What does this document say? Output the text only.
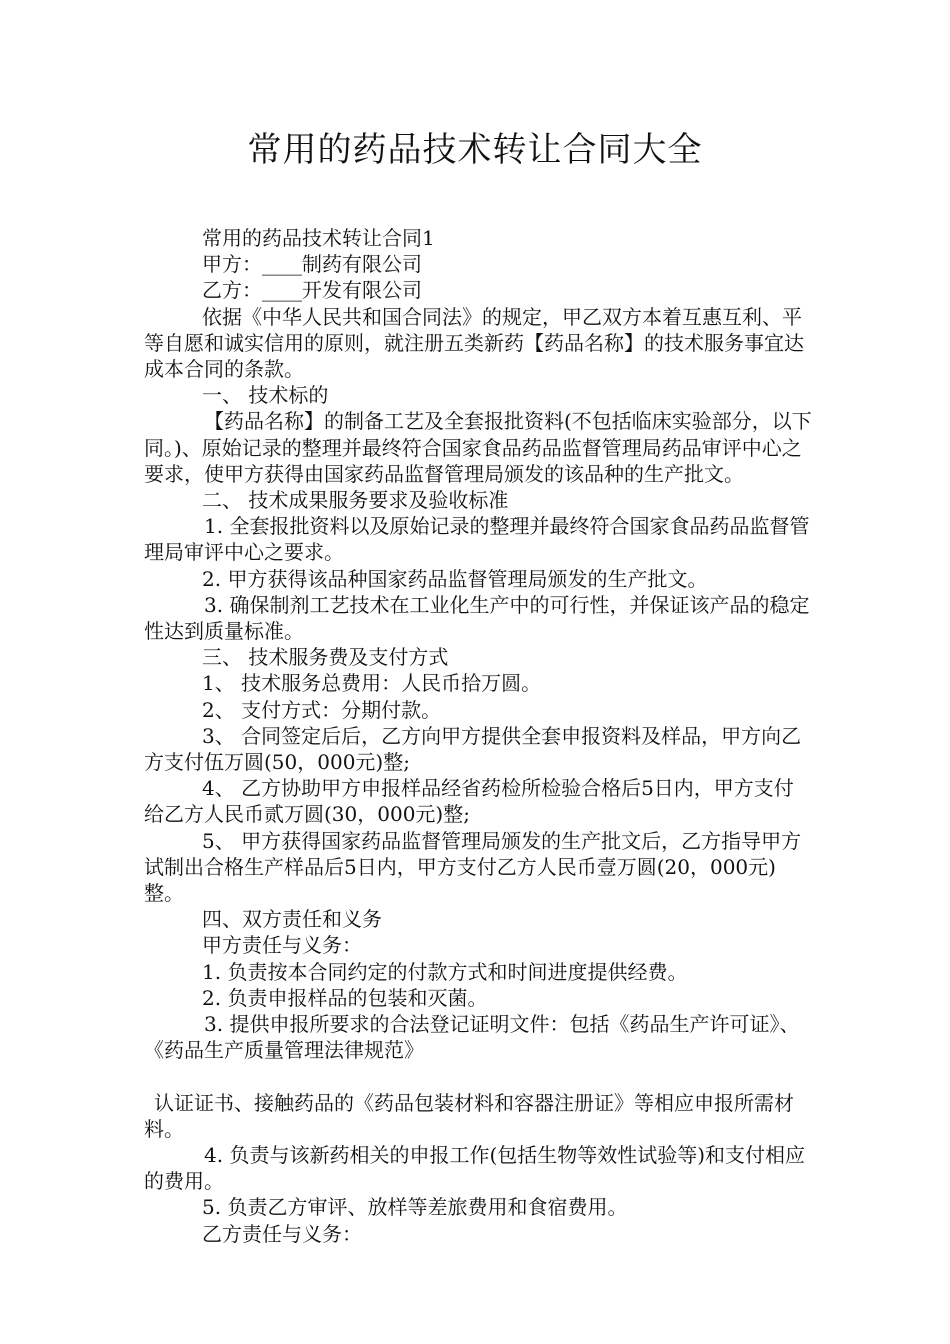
常用的药品技术转让合同大全

常用的药品技术转让合同1

甲方：____制药有限公司

乙方：____开发有限公司

依据《中华人民共和国合同法》的规定，甲乙双方本着互惠互利、平等自愿和诚实信用的原则，就注册五类新药【药品名称】的技术服务事宜达成本合同的条款。

一、 技术标的

【药品名称】的制备工艺及全套报批资料(不包括临床实验部分，以下同。)、原始记录的整理并最终符合国家食品药品监督管理局药品审评中心之要求，使甲方获得由国家药品监督管理局颁发的该品种的生产批文。

二、 技术成果服务要求及验收标准

1. 全套报批资料以及原始记录的整理并最终符合国家食品药品监督管理局审评中心之要求。

2. 甲方获得该品种国家药品监督管理局颁发的生产批文。

3. 确保制剂工艺技术在工业化生产中的可行性，并保证该产品的稳定性达到质量标准。

三、 技术服务费及支付方式

1、 技术服务总费用：人民币拾万圆。

2、 支付方式：分期付款。

3、 合同签定后后，乙方向甲方提供全套申报资料及样品，甲方向乙方支付伍万圆(50，000元)整;

4、 乙方协助甲方申报样品经省药检所检验合格后5日内，甲方支付给乙方人民币贰万圆(30，000元)整;

5、 甲方获得国家药品监督管理局颁发的生产批文后，乙方指导甲方试制出合格生产样品后5日内，甲方支付乙方人民币壹万圆(20，000元)整。

四、双方责任和义务

甲方责任与义务：

1. 负责按本合同约定的付款方式和时间进度提供经费。

2. 负责申报样品的包装和灭菌。

3. 提供申报所要求的合法登记证明文件：包括《药品生产许可证》、《药品生产质量管理法律规范》

认证证书、接触药品的《药品包装材料和容器注册证》等相应申报所需材料。

4. 负责与该新药相关的申报工作(包括生物等效性试验等)和支付相应的费用。

5. 负责乙方审评、放样等差旅费用和食宿费用。

乙方责任与义务：
